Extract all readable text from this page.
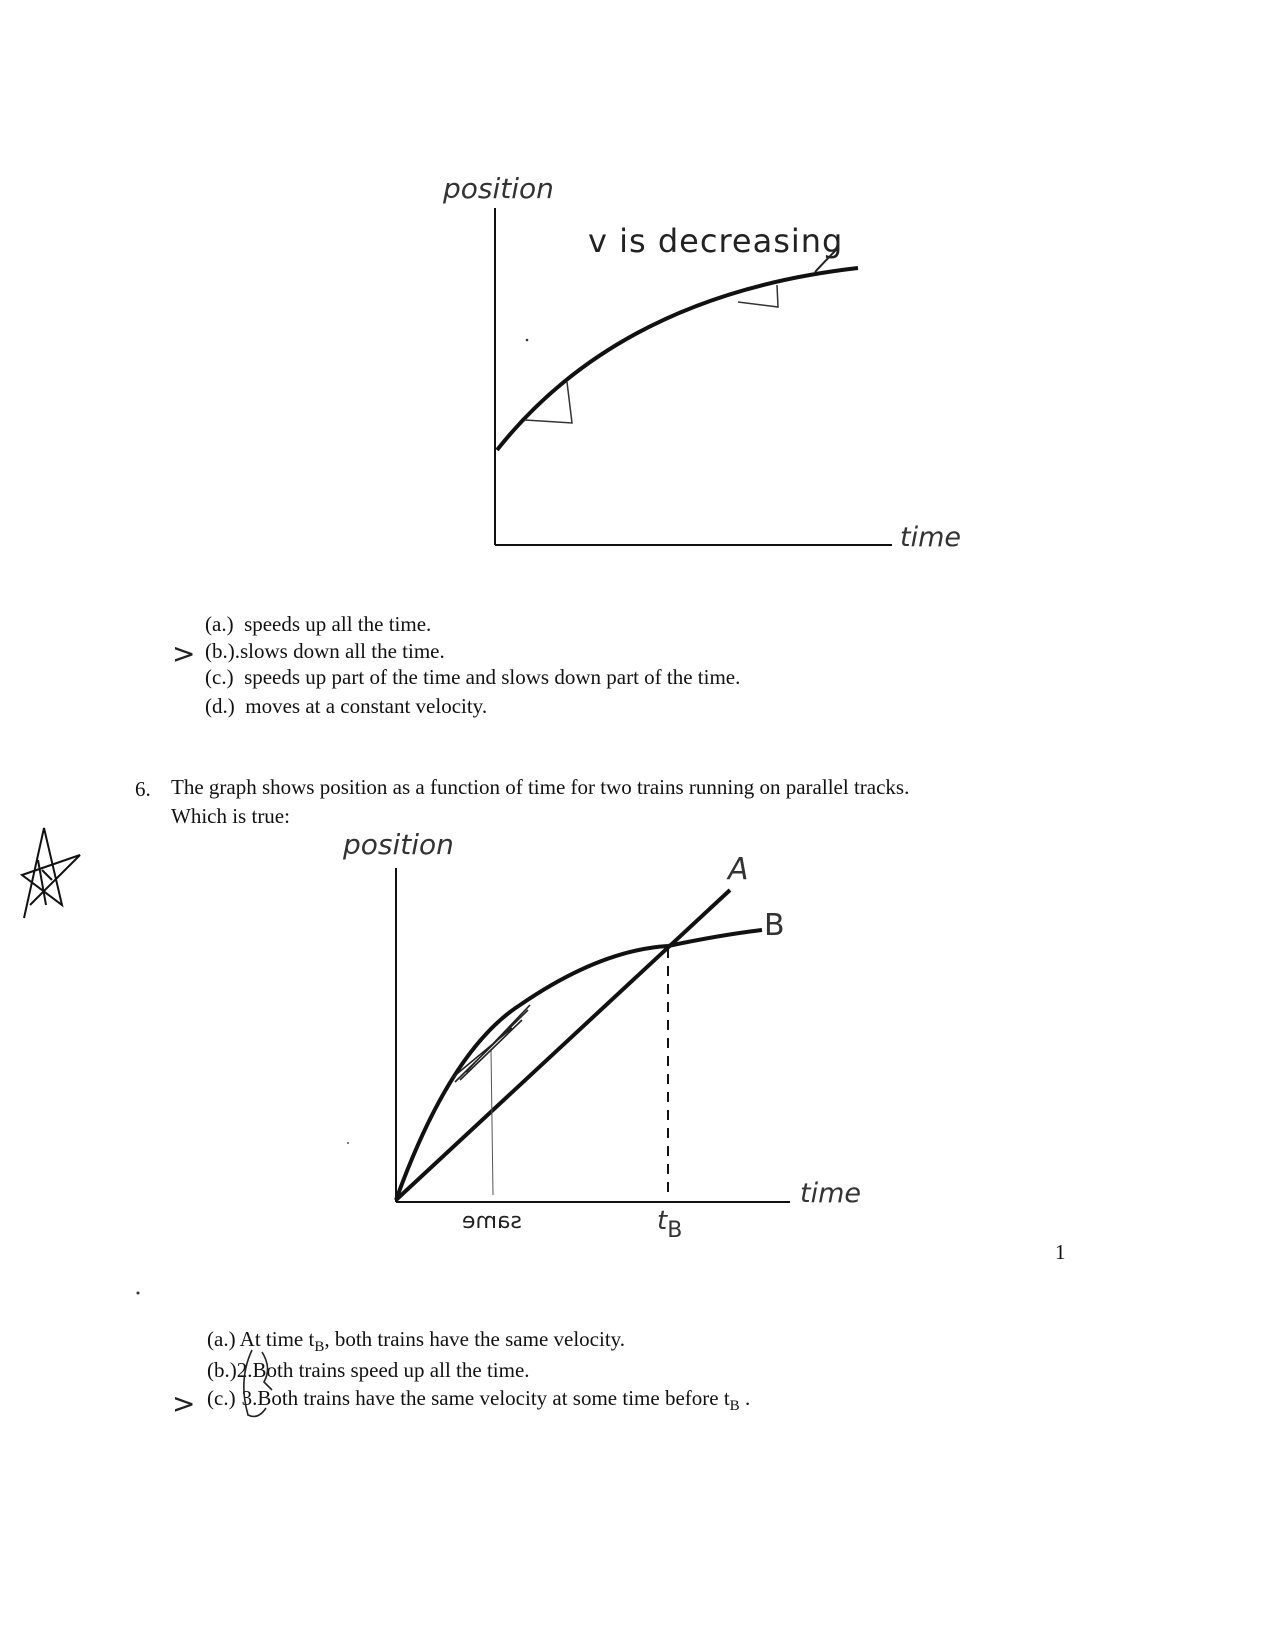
position
time
v is decreasing
>
(a.) speeds up all the time.
(b.).slows down all the time.
(c.) speeds up part of the time and slows down part of the time.
(d.) moves at a constant velocity.
6. The graph shows position as a function of time for two trains running on parallel tracks.
Which is true:
position
time
A
B
$t_B$
same
1
(a.) At time $t_B$, both trains have the same velocity.
(b.)2.Both trains speed up all the time.
(c.) 3.Both trains have the same velocity at some time before $t_B$ .
>
